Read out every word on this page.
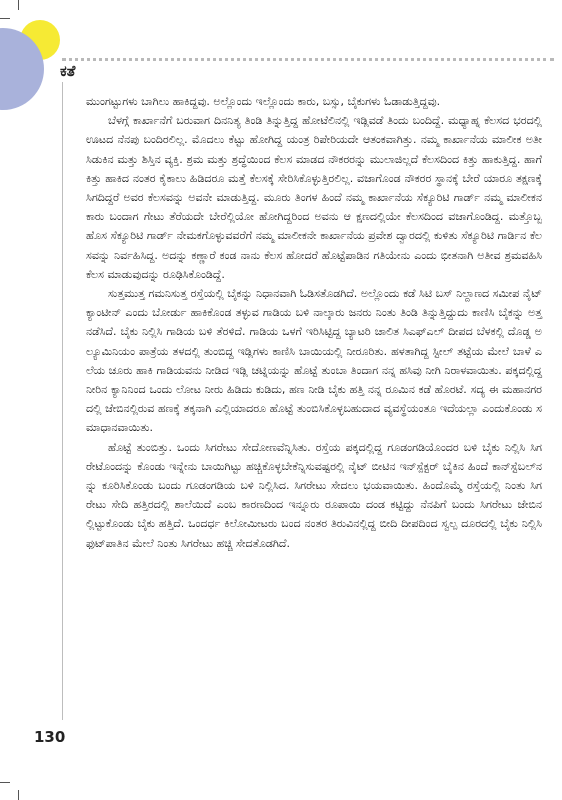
ಕತೆ

ಮುಂಗಟ್ಟುಗಳು ಬಾಗಿಲು ಹಾಕಿದ್ದವು. ಅಲ್ಲೊಂದು ಇಲ್ಲೊಂದು ಕಾರು, ಬಸ್ಸು, ಬೈಕುಗಳು ಓಡಾಡುತ್ತಿದ್ದವು.

ಬೆಳಗ್ಗೆ ಕಾರ್ಖಾನೆಗೆ ಬರುವಾಗ ದಿನನಿತ್ಯ ತಿಂಡಿ ತಿನ್ನುತ್ತಿದ್ದ ಹೋಟೆಲಿನಲ್ಲಿ ಇಡ್ಲಿವಡೆ ತಿಂದು ಬಂದಿದ್ದೆ. ಮಧ್ಯಾಹ್ನ ಕೆಲಸದ ಭರದಲ್ಲಿ ಊಟದ ನೆನಪು ಬಂದಿರಲಿಲ್ಲ. ಮೊದಲು ಕೆಟ್ಟು ಹೋಗಿದ್ದ ಯಂತ್ರ ರಿಪೇರಿಯದೇ ಆತಂಕವಾಗಿತ್ತು. ನಮ್ಮ ಕಾರ್ಖಾನೆಯ ಮಾಲೀಕ ಅತೀ ಸಿಡುಕಿನ ಮತ್ತು ಶಿಸ್ತಿನ ವ್ಯಕ್ತಿ. ಶ್ರಮ ಮತ್ತು ಶ್ರದ್ಧೆಯಿಂದ ಕೆಲಸ ಮಾಡದ ನೌಕರರನ್ನು ಮುಲಾಜಿಲ್ಲದೆ ಕೆಲಸದಿಂದ ಕಿತ್ತು ಹಾಕುತ್ತಿದ್ದ. ಹಾಗೆ ಕಿತ್ತು ಹಾಕಿದ ನಂತರ ಕೈಕಾಲು ಹಿಡಿದರೂ ಮತ್ತೆ ಕೆಲಸಕ್ಕೆ ಸೇರಿಸಿಕೊಳ್ಳುತ್ತಿರಲಿಲ್ಲ. ವಜಾಗೊಂಡ ನೌಕರರ ಸ್ಥಾನಕ್ಕೆ ಬೇರೆ ಯಾರೂ ತಕ್ಷಣಕ್ಕೆ ಸಿಗದಿದ್ದರೆ ಅವರ ಕೆಲಸವನ್ನು ಅವನೇ ಮಾಡುತ್ತಿದ್ದ. ಮೂರು ತಿಂಗಳ ಹಿಂದೆ ನಮ್ಮ ಕಾರ್ಖಾನೆಯ ಸೆಕ್ಯೂರಿಟಿ ಗಾರ್ಡ್ ನಮ್ಮ ಮಾಲೀಕನ ಕಾರು ಬಂದಾಗ ಗೇಟು ತೆರೆಯದೇ ಬೇರೆಲ್ಲಿಯೋ ಹೋಗಿದ್ದರಿಂದ ಅವನು ಆ ಕ್ಷಣದಲ್ಲಿಯೇ ಕೆಲಸದಿಂದ ವಜಾಗೊಂಡಿದ್ದ. ಮತ್ತೊಬ್ಬ ಹೊಸ ಸೆಕ್ಯೂರಿಟಿ ಗಾರ್ಡ್ ನೇಮಕಗೊಳ್ಳುವವರೆಗೆ ನಮ್ಮ ಮಾಲೀಕನೇ ಕಾರ್ಖಾನೆಯ ಪ್ರವೇಶ ದ್ವಾರದಲ್ಲಿ ಕುಳಿತು ಸೆಕ್ಯೂರಿಟಿ ಗಾರ್ಡಿನ ಕೆಲಸವನ್ನು ನಿರ್ವಹಿಸಿದ್ದ. ಅದನ್ನು ಕಣ್ಣಾರೆ ಕಂಡ ನಾನು ಕೆಲಸ ಹೋದರೆ ಹೊಟ್ಟೆಪಾಡಿನ ಗತಿಯೇನು ಎಂದು ಭೀತನಾಗಿ ಅತೀವ ಶ್ರಮವಹಿಸಿ ಕೆಲಸ ಮಾಡುವುದನ್ನು ರೂಢಿಸಿಕೊಂಡಿದ್ದೆ.

ಸುತ್ತಮುತ್ತ ಗಮನಿಸುತ್ತ ರಸ್ತೆಯಲ್ಲಿ ಬೈಕನ್ನು ನಿಧಾನವಾಗಿ ಓಡಿಸತೊಡಗಿದೆ. ಅಲ್ಲೊಂದು ಕಡೆ ಸಿಟಿ ಬಸ್ ನಿಲ್ದಾಣದ ಸಮೀಪ ನೈಟ್ ಕ್ಯಾಂಟೀನ್ ಎಂದು ಬೋರ್ಡು ಹಾಕಿಕೊಂಡ ತಳ್ಳುವ ಗಾಡಿಯ ಬಳಿ ನಾಲ್ಕಾರು ಜನರು ನಿಂತು ತಿಂಡಿ ತಿನ್ನುತ್ತಿದ್ದುದು ಕಾಣಿಸಿ ಬೈಕನ್ನು ಅತ್ತ ನಡೆಸಿದೆ. ಬೈಕು ನಿಲ್ಲಿಸಿ ಗಾಡಿಯ ಬಳಿ ತೆರಳಿದೆ. ಗಾಡಿಯ ಒಳಗೆ ಇರಿಸಿಟ್ಟಿದ್ದ ಬ್ಯಾಟರಿ ಚಾಲಿತ ಸಿಎಫ್‌ಎಲ್ ದೀಪದ ಬೆಳಕಲ್ಲಿ ದೊಡ್ಡ ಅಲ್ಯೂಮಿನಿಯಂ ಪಾತ್ರೆಯ ತಳದಲ್ಲಿ ತುಂಬಿದ್ದ ಇಡ್ಲಿಗಳು ಕಾಣಿಸಿ ಬಾಯಿಯಲ್ಲಿ ನೀರೂರಿತು. ಹಳತಾಗಿದ್ದ ಸ್ಟೀಲ್ ತಟ್ಟೆಯ ಮೇಲೆ ಬಾಳೆ ಎಲೆಯ ಚೂರು ಹಾಕಿ ಗಾಡಿಯವನು ನೀಡಿದ ಇಡ್ಲಿ ಚಟ್ನಿಯನ್ನು ಹೊಟ್ಟೆ ತುಂಬಾ ತಿಂದಾಗ ನನ್ನ ಹಸಿವು ನೀಗಿ ನಿರಾಳವಾಯಿತು. ಪಕ್ಕದಲ್ಲಿದ್ದ ನೀರಿನ ಕ್ಯಾನಿನಿಂದ ಒಂದು ಲೋಟ ನೀರು ಹಿಡಿದು ಕುಡಿದು, ಹಣ ನೀಡಿ ಬೈಕು ಹತ್ತಿ ನನ್ನ ರೂಮಿನ ಕಡೆ ಹೊರಟೆ. ಸದ್ಯ ಈ ಮಹಾನಗರದಲ್ಲಿ ಜೇಬಿನಲ್ಲಿರುವ ಹಣಕ್ಕೆ ತಕ್ಕನಾಗಿ ಎಲ್ಲಿಯಾದರೂ ಹೊಟ್ಟೆ ತುಂಬಿಸಿಕೊಳ್ಳಬಹುದಾದ ವ್ಯವಸ್ಥೆಯಂತೂ ಇದೆಯಲ್ಲಾ ಎಂದುಕೊಂಡು ಸಮಾಧಾನವಾಯಿತು.

ಹೊಟ್ಟೆ ತುಂಬಿತ್ತು. ಒಂದು ಸಿಗರೇಟು ಸೇದೋಣವೆನ್ನಿಸಿತು. ರಸ್ತೆಯ ಪಕ್ಕದಲ್ಲಿದ್ದ ಗೂಡಂಗಡಿಯೊಂದರ ಬಳಿ ಬೈಕು ನಿಲ್ಲಿಸಿ ಸಿಗರೇಟೊಂದನ್ನು ಕೊಂಡು ಇನ್ನೇನು ಬಾಯಿಗಿಟ್ಟು ಹಚ್ಚಿಕೊಳ್ಳಬೇಕೆನ್ನಿಸುವಷ್ಟರಲ್ಲಿ ನೈಟ್ ಬೀಟಿನ ಇನ್‌ಸ್ಪೆಕ್ಟರ್ ಬೈಕಿನ ಹಿಂದೆ ಕಾನ್‌ಸ್ಟೆಬಲ್‌ನನ್ನು ಕೂರಿಸಿಕೊಂಡು ಬಂದು ಗೂಡಂಗಡಿಯ ಬಳಿ ನಿಲ್ಲಿಸಿದ. ಸಿಗರೇಟು ಸೇದಲು ಭಯವಾಯಿತು. ಹಿಂದೊಮ್ಮೆ ರಸ್ತೆಯಲ್ಲಿ ನಿಂತು ಸಿಗರೇಟು ಸೇದಿ ಹತ್ತಿರದಲ್ಲಿ ಶಾಲೆಯಿದೆ ಎಂಬ ಕಾರಣದಿಂದ ಇನ್ನೂರು ರೂಪಾಯಿ ದಂಡ ಕಟ್ಟಿದ್ದು ನೆನಪಿಗೆ ಬಂದು ಸಿಗರೇಟು ಜೇಬಿನಲ್ಲಿಟ್ಟುಕೊಂಡು ಬೈಕು ಹತ್ತಿದೆ. ಒಂದರ್ಧ ಕಿಲೋಮೀಟರು ಬಂದ ನಂತರ ತಿರುವಿನಲ್ಲಿದ್ದ ಬೀದಿ ದೀಪದಿಂದ ಸ್ವಲ್ಪ ದೂರದಲ್ಲಿ ಬೈಕು ನಿಲ್ಲಿಸಿ ಫುಟ್‌ಪಾತಿನ ಮೇಲೆ ನಿಂತು ಸಿಗರೇಟು ಹಚ್ಚಿ ಸೇದತೊಡಗಿದೆ.

130
